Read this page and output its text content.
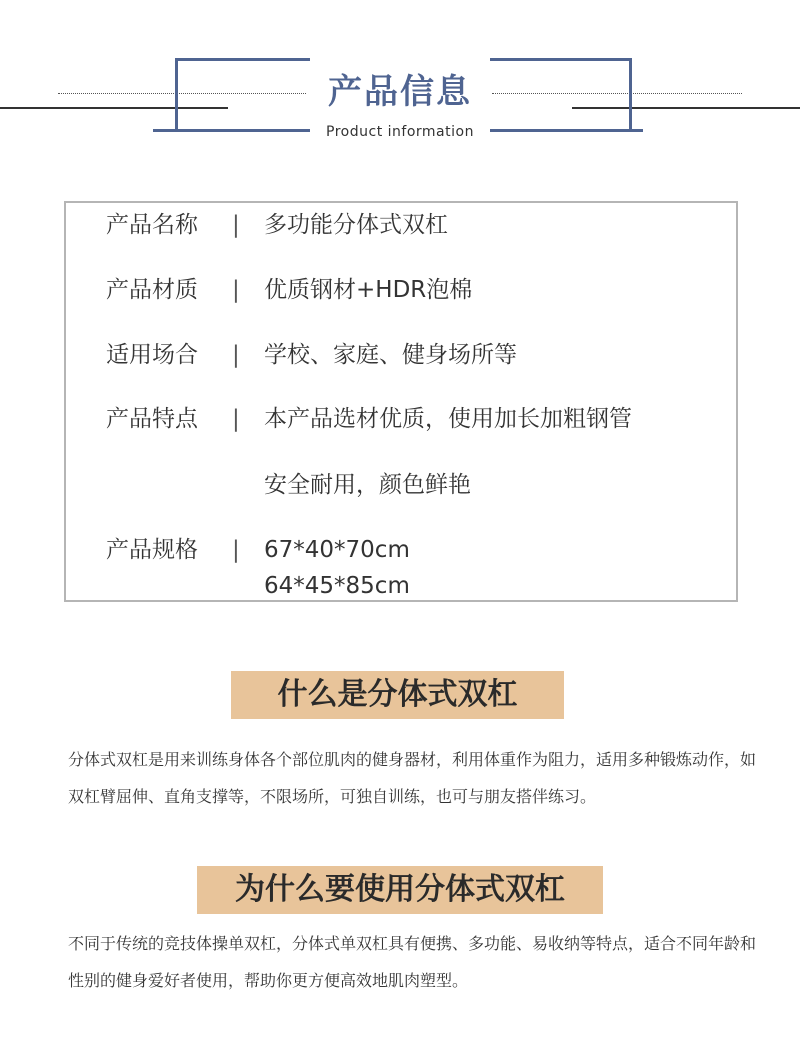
产品信息
Product information
产品名称 | 多功能分体式双杠
产品材质 | 优质钢材+HDR泡棉
适用场合 | 学校、家庭、健身场所等
产品特点 | 本产品选材优质，使用加长加粗钢管
安全耐用，颜色鲜艳
产品规格 | 67*40*70cm
64*45*85cm
什么是分体式双杠

分体式双杠是用来训练身体各个部位肌肉的健身器材，利用体重作为阻力，适用多种锻炼动作，如双杠臂屈伸、直角支撑等，不限场所，可独自训练，也可与朋友搭伴练习。

为什么要使用分体式双杠

不同于传统的竞技体操单双杠，分体式单双杠具有便携、多功能、易收纳等特点，适合不同年龄和性别的健身爱好者使用，帮助你更方便高效地肌肉塑型。
